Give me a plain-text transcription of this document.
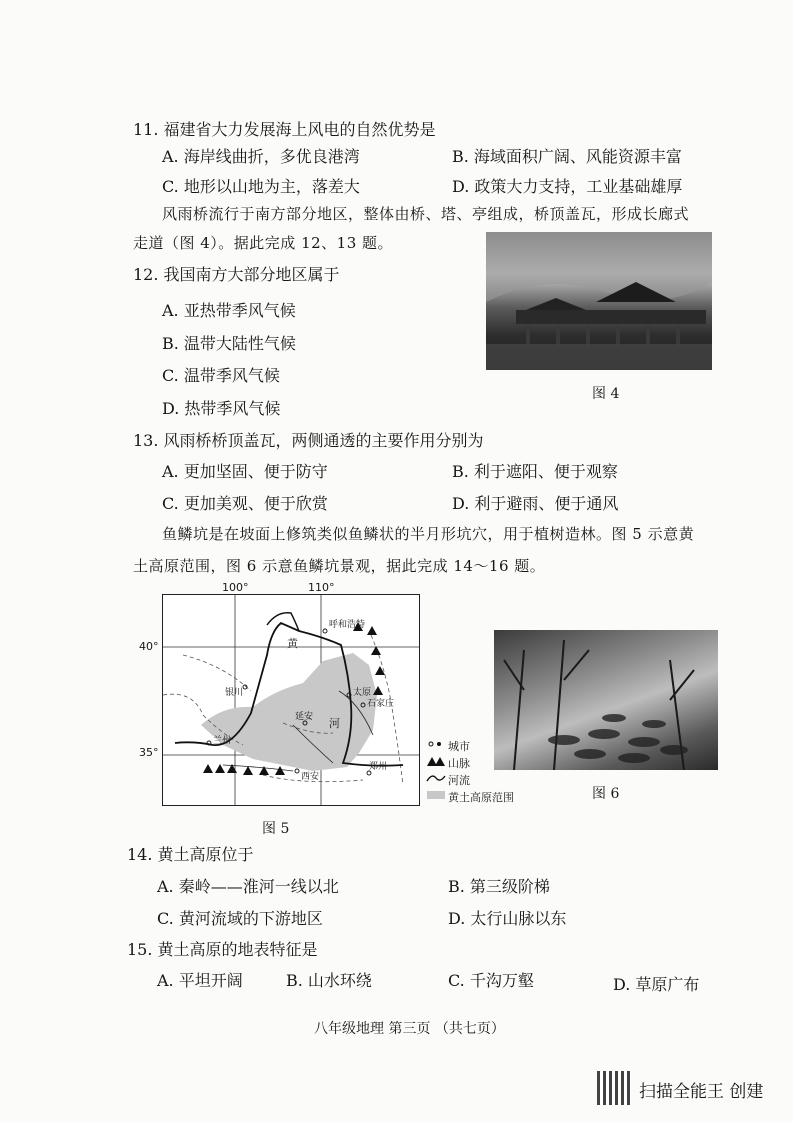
11. 福建省大力发展海上风电的自然优势是
A. 海岸线曲折，多优良港湾	B. 海域面积广阔、风能资源丰富
C. 地形以山地为主，落差大	D. 政策大力支持，工业基础雄厚
风雨桥流行于南方部分地区，整体由桥、塔、亭组成，桥顶盖瓦，形成长廊式
走道（图 4）。据此完成 12、13 题。
12. 我国南方大部分地区属于
A. 亚热带季风气候
B. 温带大陆性气候
C. 温带季风气候
D. 热带季风气候
图 4
13. 风雨桥桥顶盖瓦，两侧通透的主要作用分别为
A. 更加坚固、便于防守	B. 利于遮阳、便于观察
C. 更加美观、便于欣赏	D. 利于避雨、便于通风
鱼鳞坑是在坡面上修筑类似鱼鳞状的半月形坑穴，用于植树造林。图 5 示意黄
土高原范围，图 6 示意鱼鳞坑景观，据此完成 14～16 题。
100°	110°
40°
35°
呼和浩特
银川	太原
石家庄
延安
兰州
西安
郑州
黄
河
图 5
城市
山脉
河流
黄土高原范围	图 6
14. 黄土高原位于
A. 秦岭——淮河一线以北	B. 第三级阶梯
C. 黄河流域的下游地区	D. 太行山脉以东
15. 黄土高原的地表特征是
A. 平坦开阔	B. 山水环绕	C. 千沟万壑	D. 草原广布
八年级地理 第三页 （共七页）
扫描全能王 创建
